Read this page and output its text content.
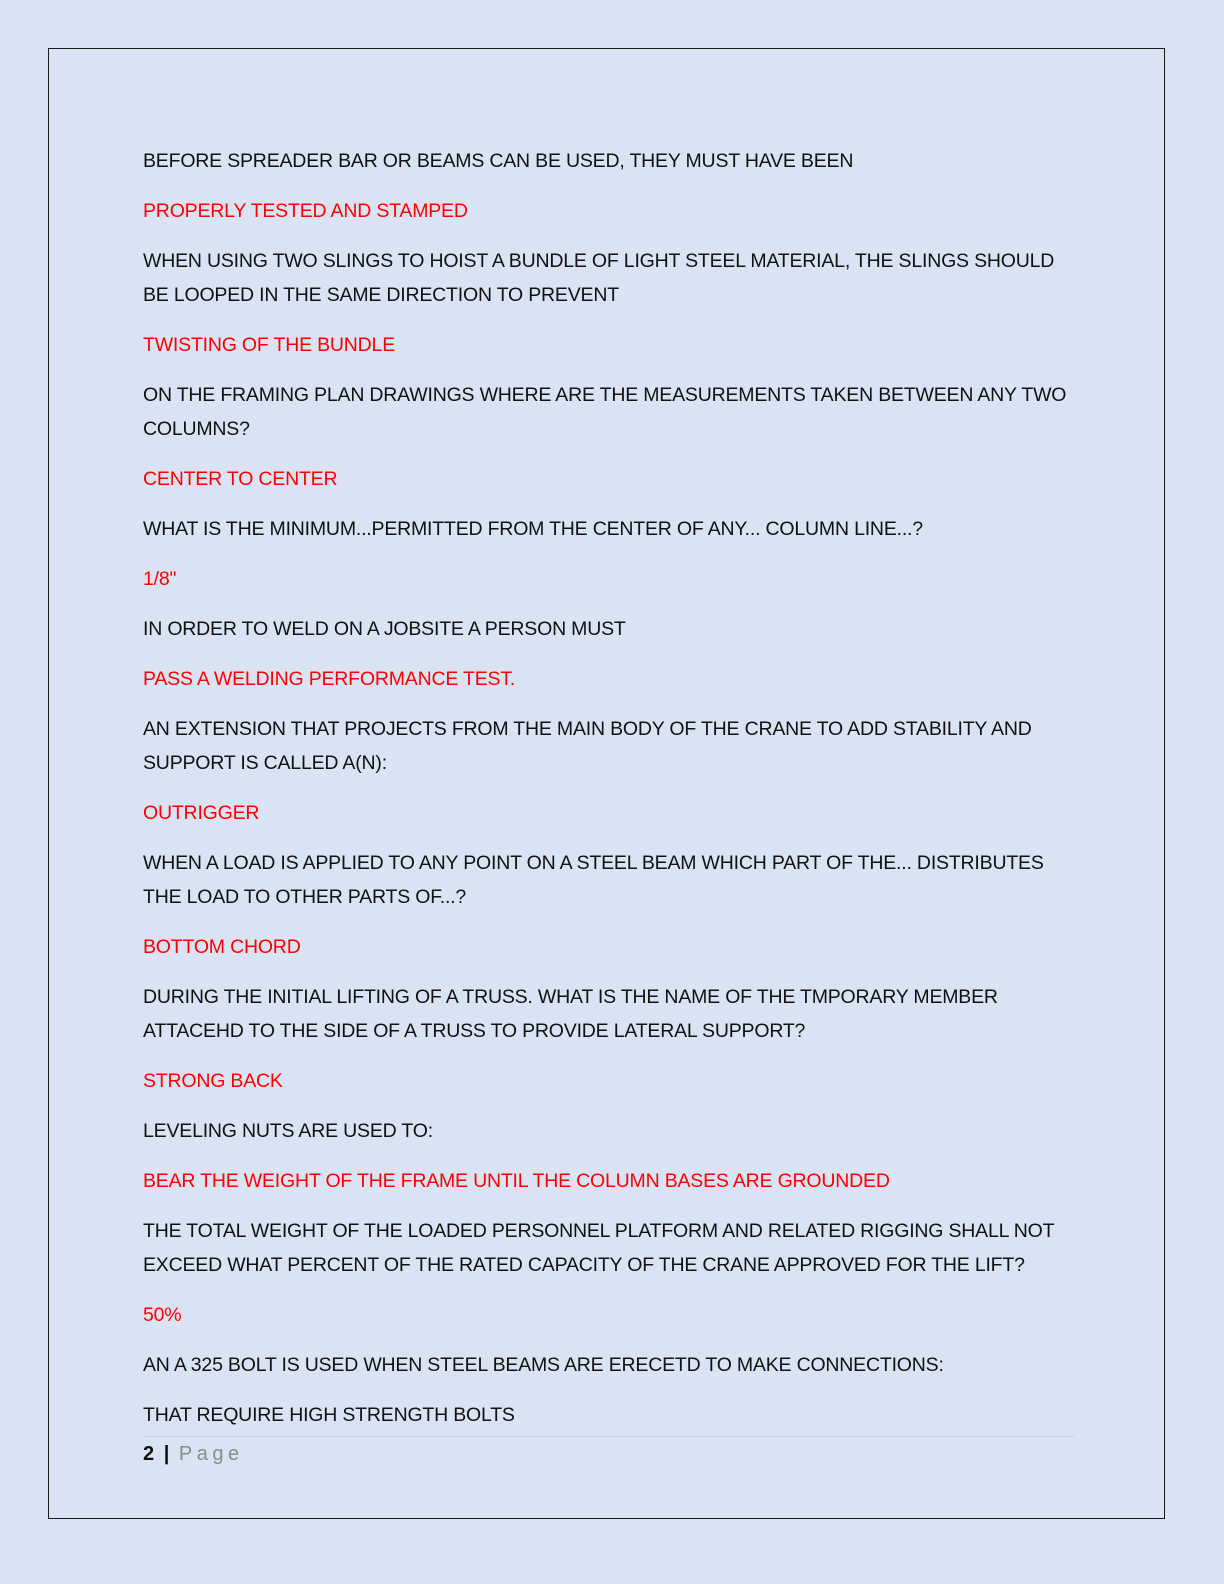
BEFORE SPREADER BAR OR BEAMS CAN BE USED, THEY MUST HAVE BEEN

PROPERLY TESTED AND STAMPED

WHEN USING TWO SLINGS TO HOIST A BUNDLE OF LIGHT STEEL MATERIAL, THE SLINGS SHOULD BE LOOPED IN THE SAME DIRECTION TO PREVENT

TWISTING OF THE BUNDLE

ON THE FRAMING PLAN DRAWINGS WHERE ARE THE MEASUREMENTS TAKEN BETWEEN ANY TWO COLUMNS?

CENTER TO CENTER

WHAT IS THE MINIMUM...PERMITTED FROM THE CENTER OF ANY... COLUMN LINE...?

1/8"

IN ORDER TO WELD ON A JOBSITE A PERSON MUST

PASS A WELDING PERFORMANCE TEST.

AN EXTENSION THAT PROJECTS FROM THE MAIN BODY OF THE CRANE TO ADD STABILITY AND SUPPORT IS CALLED A(N):

OUTRIGGER

WHEN A LOAD IS APPLIED TO ANY POINT ON A STEEL BEAM WHICH PART OF THE... DISTRIBUTES THE LOAD TO OTHER PARTS OF...?

BOTTOM CHORD

DURING THE INITIAL LIFTING OF A TRUSS. WHAT IS THE NAME OF THE TMPORARY MEMBER ATTACEHD TO THE SIDE OF A TRUSS TO PROVIDE LATERAL SUPPORT?

STRONG BACK

LEVELING NUTS ARE USED TO:

BEAR THE WEIGHT OF THE FRAME UNTIL THE COLUMN BASES ARE GROUNDED

THE TOTAL WEIGHT OF THE LOADED PERSONNEL PLATFORM AND RELATED RIGGING SHALL NOT EXCEED WHAT PERCENT OF THE RATED CAPACITY OF THE CRANE APPROVED FOR THE LIFT?

50%

AN A 325 BOLT IS USED WHEN STEEL BEAMS ARE ERECETD TO MAKE CONNECTIONS:

THAT REQUIRE HIGH STRENGTH BOLTS

2 | Page
